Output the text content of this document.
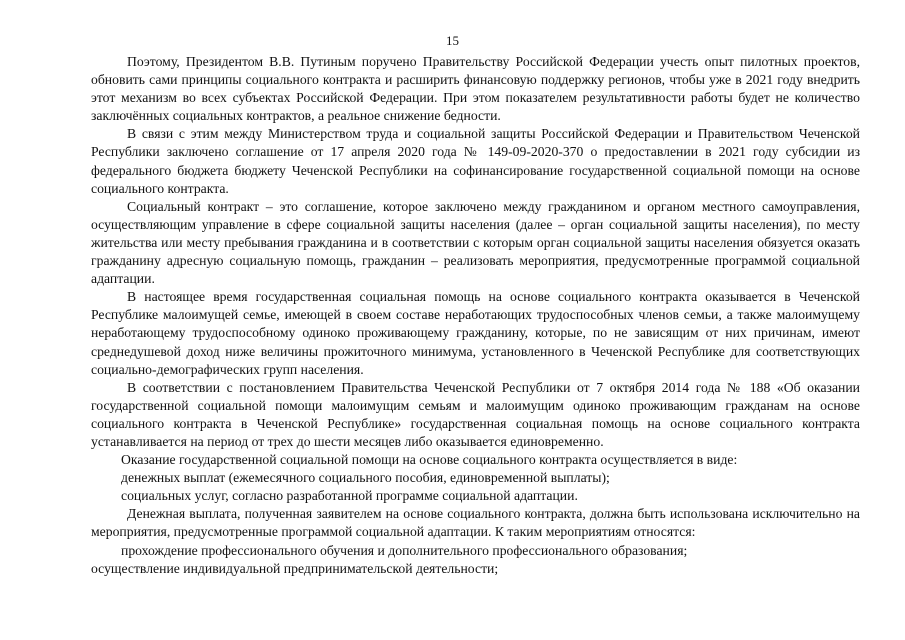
15

Поэтому, Президентом В.В. Путиным поручено Правительству Российской Федерации учесть опыт пилотных проектов, обновить сами принципы социального контракта и расширить финансовую поддержку регионов, чтобы уже в 2021 году внедрить этот механизм во всех субъектах Российской Федерации. При этом показателем результативности работы будет не количество заключённых социальных контрактов, а реальное снижение бедности.

В связи с этим между Министерством труда и социальной защиты Российской Федерации и Правительством Чеченской Республики заключено соглашение от 17 апреля 2020 года № 149-09-2020-370 о предоставлении в 2021 году субсидии из федерального бюджета бюджету Чеченской Республики на софинансирование государственной социальной помощи на основе социального контракта.

Социальный контракт – это соглашение, которое заключено между гражданином и органом местного самоуправления, осуществляющим управление в сфере социальной защиты населения (далее – орган социальной защиты населения), по месту жительства или месту пребывания гражданина и в соответствии с которым орган социальной защиты населения обязуется оказать гражданину адресную социальную помощь, гражданин – реализовать мероприятия, предусмотренные программой социальной адаптации.

В настоящее время государственная социальная помощь на основе социального контракта оказывается в Чеченской Республике малоимущей семье, имеющей в своем составе неработающих трудоспособных членов семьи, а также малоимущему неработающему трудоспособному одиноко проживающему гражданину, которые, по не зависящим от них причинам, имеют среднедушевой доход ниже величины прожиточного минимума, установленного в Чеченской Республике для соответствующих социально-демографических групп населения.

В соответствии с постановлением Правительства Чеченской Республики от 7 октября 2014 года № 188 «Об оказании государственной социальной помощи малоимущим семьям и малоимущим одиноко проживающим гражданам на основе социального контракта в Чеченской Республике» государственная социальная помощь на основе социального контракта устанавливается на период от трех до шести месяцев либо оказывается единовременно.

Оказание государственной социальной помощи на основе социального контракта осуществляется в виде:

денежных выплат (ежемесячного социального пособия, единовременной выплаты);

социальных услуг, согласно разработанной программе социальной адаптации.

Денежная выплата, полученная заявителем на основе социального контракта, должна быть использована исключительно на мероприятия, предусмотренные программой социальной адаптации. К таким мероприятиям относятся:

прохождение профессионального обучения и дополнительного профессионального образования;

осуществление индивидуальной предпринимательской деятельности;
